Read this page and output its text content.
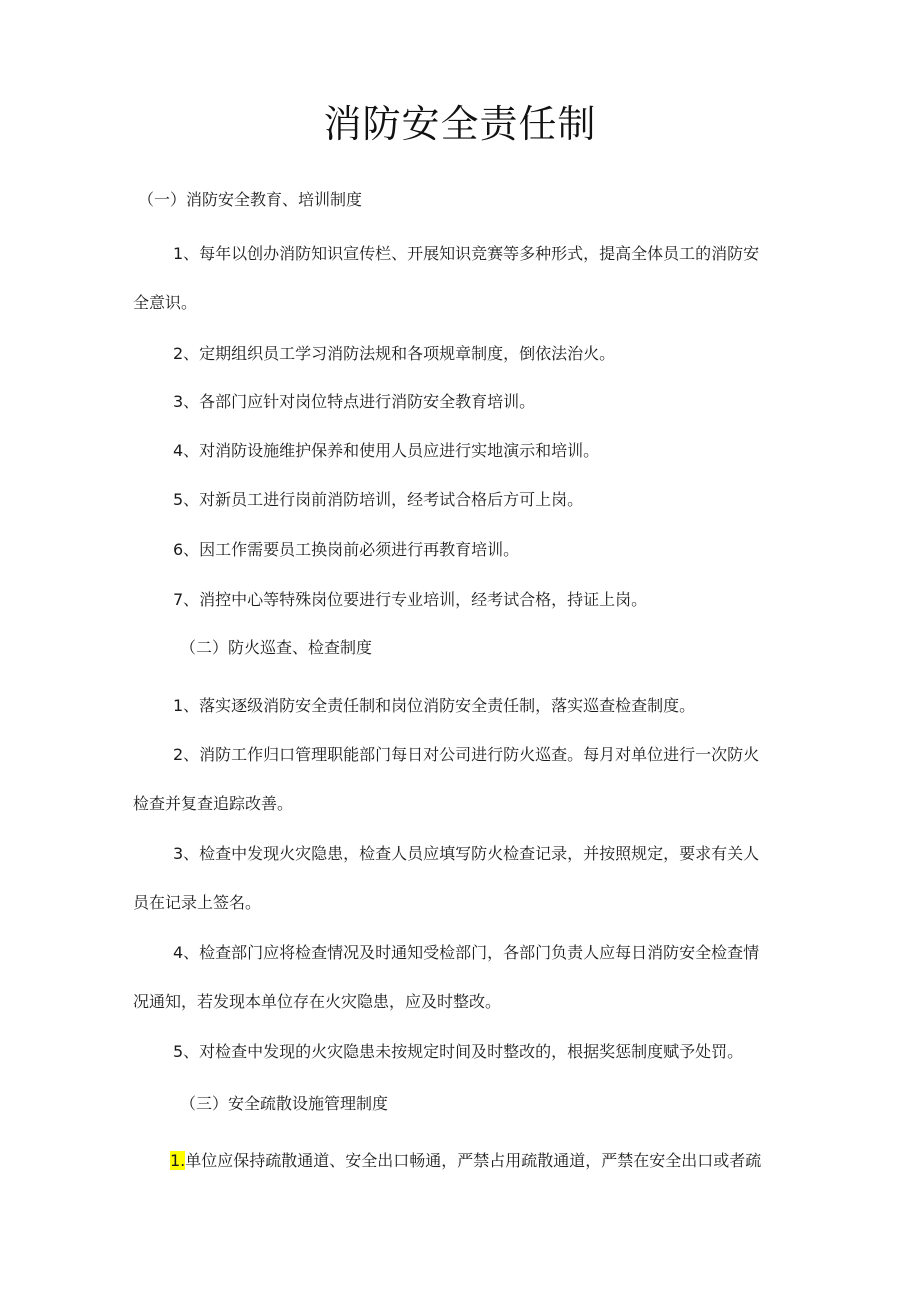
消防安全责任制
（一）消防安全教育、培训制度
1、每年以创办消防知识宣传栏、开展知识竞赛等多种形式，提高全体员工的消防安
全意识。
2、定期组织员工学习消防法规和各项规章制度，倒依法治火。
3、各部门应针对岗位特点进行消防安全教育培训。
4、对消防设施维护保养和使用人员应进行实地演示和培训。
5、对新员工进行岗前消防培训，经考试合格后方可上岗。
6、因工作需要员工换岗前必须进行再教育培训。
7、消控中心等特殊岗位要进行专业培训，经考试合格，持证上岗。
（二）防火巡查、检查制度
1、落实逐级消防安全责任制和岗位消防安全责任制，落实巡查检查制度。
2、消防工作归口管理职能部门每日对公司进行防火巡查。每月对单位进行一次防火
检查并复查追踪改善。
3、检查中发现火灾隐患，检查人员应填写防火检查记录，并按照规定，要求有关人
员在记录上签名。
4、检查部门应将检查情况及时通知受检部门，各部门负责人应每日消防安全检查情
况通知，若发现本单位存在火灾隐患，应及时整改。
5、对检查中发现的火灾隐患未按规定时间及时整改的，根据奖惩制度赋予处罚。
（三）安全疏散设施管理制度
1.单位应保持疏散通道、安全出口畅通，严禁占用疏散通道，严禁在安全出口或者疏
